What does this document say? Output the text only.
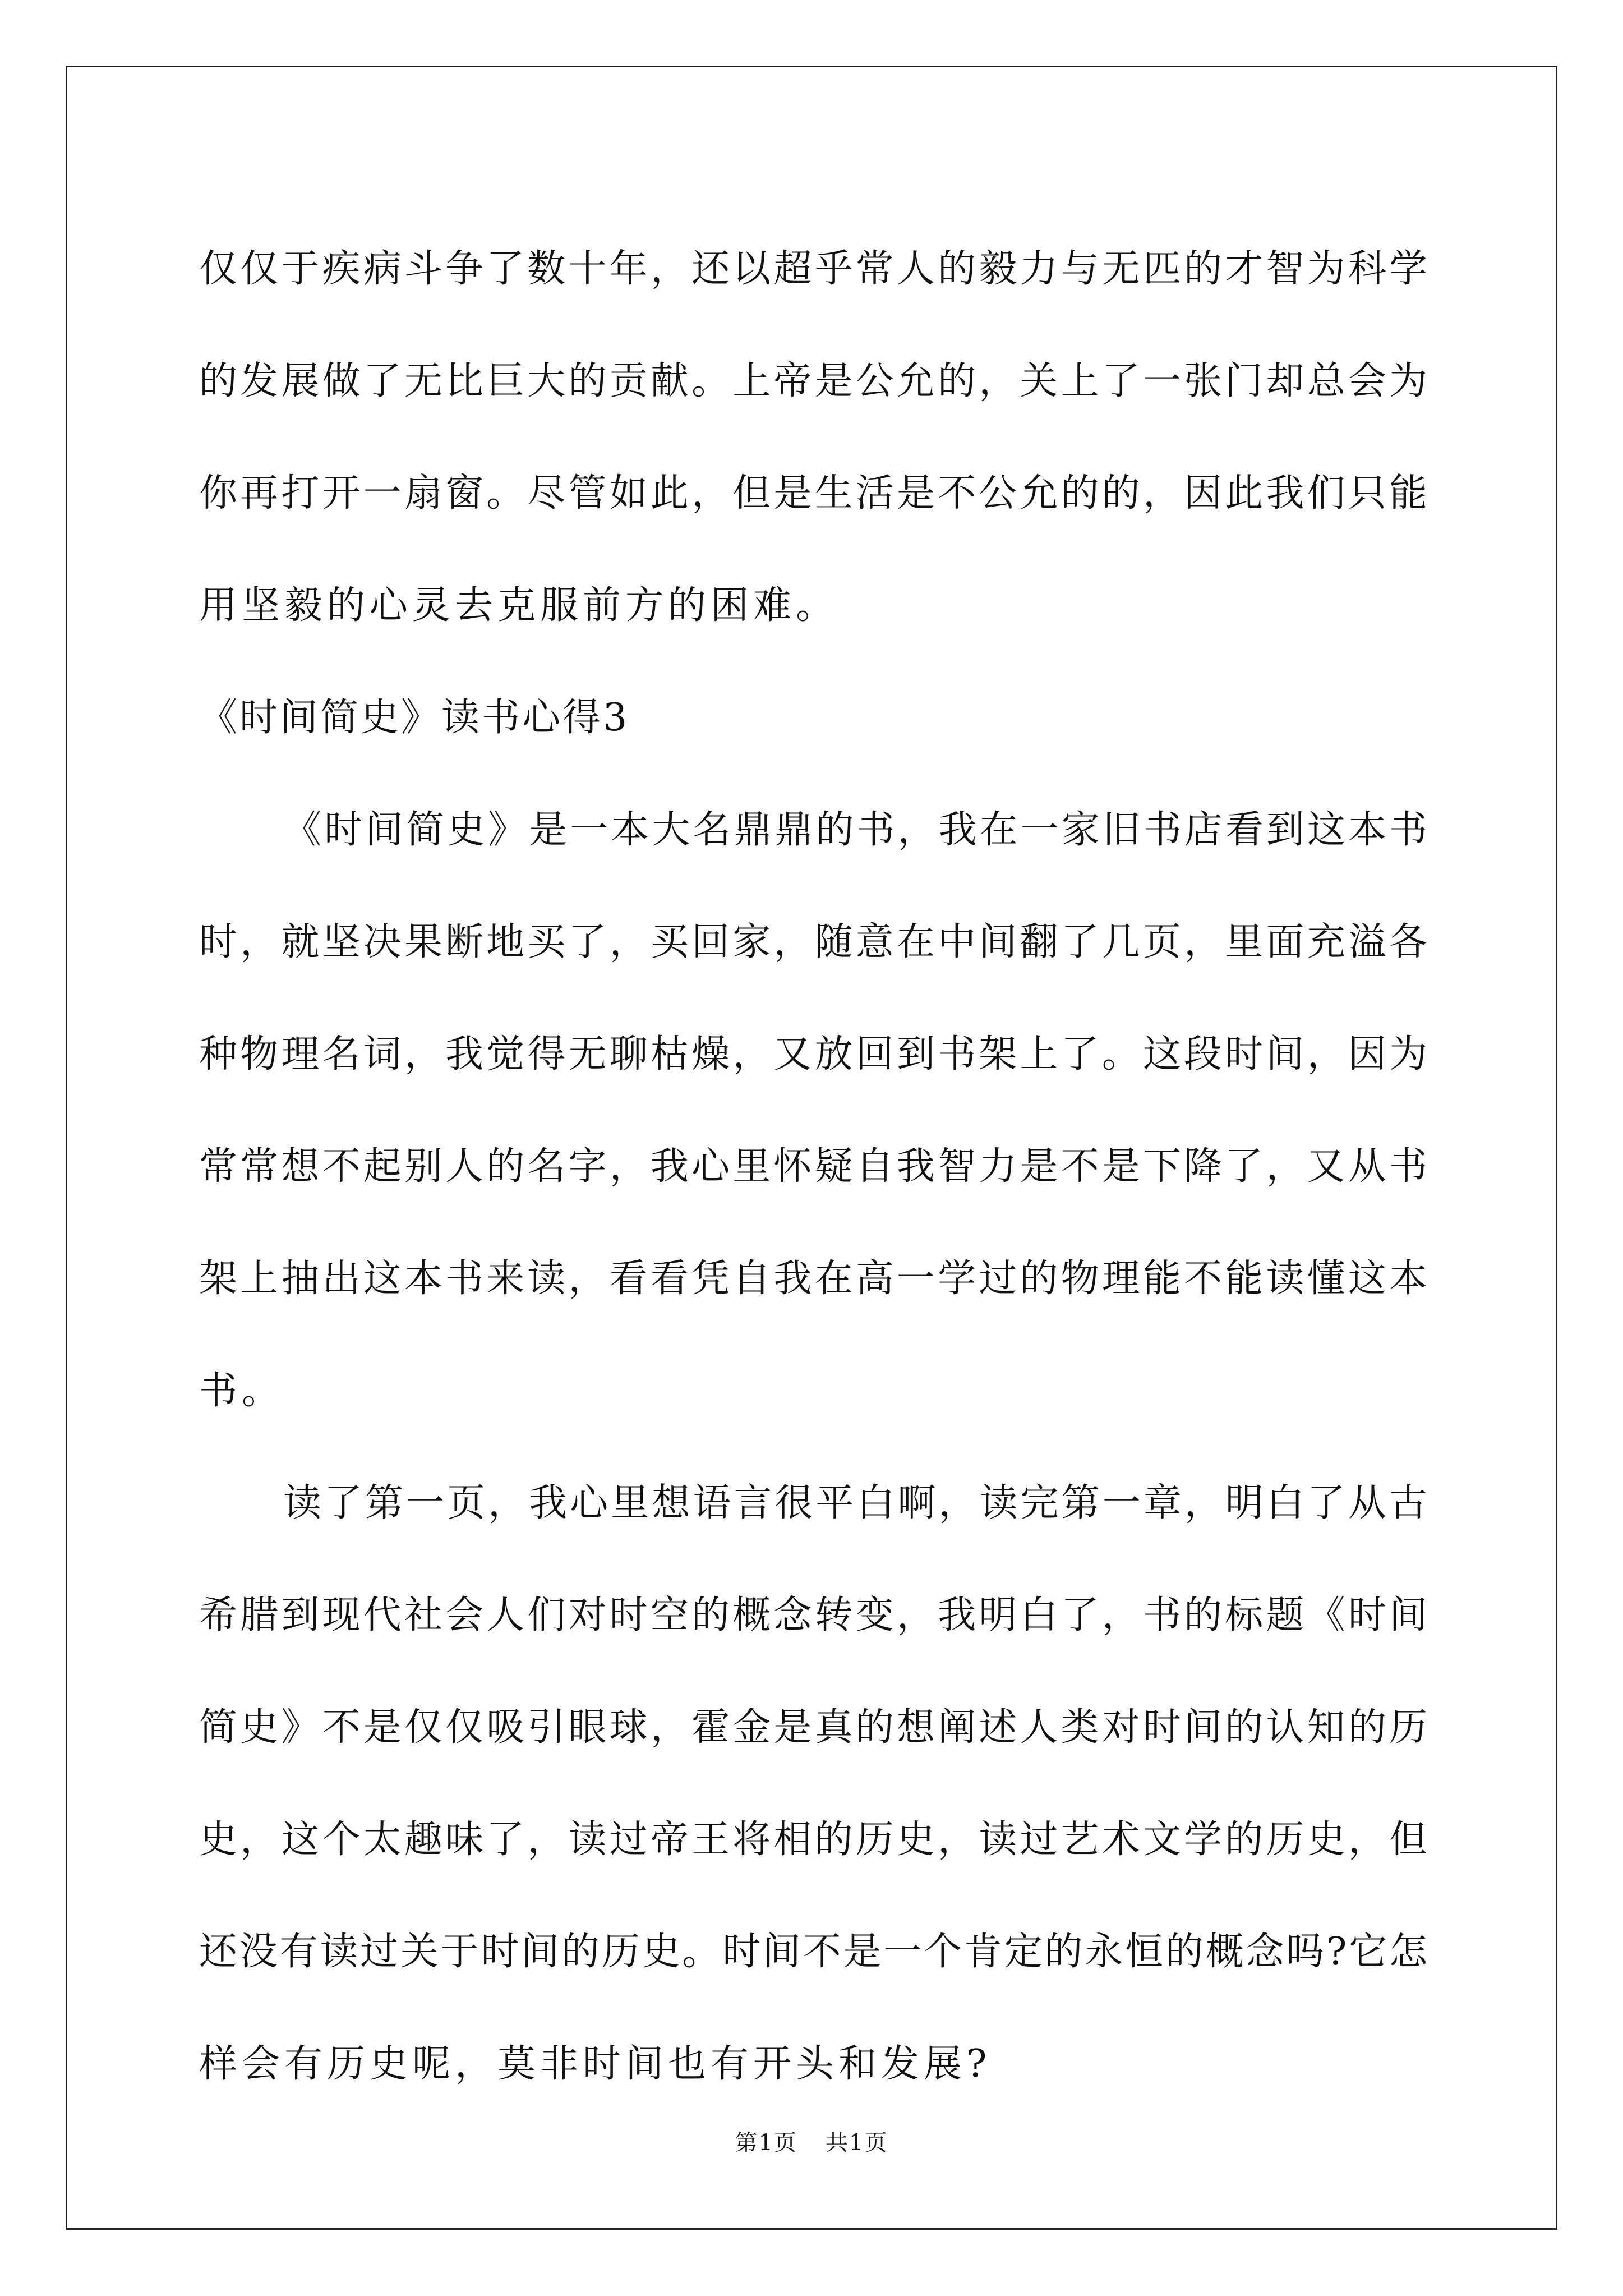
仅仅于疾病斗争了数十年，还以超乎常人的毅力与无匹的才智为科学
的发展做了无比巨大的贡献。上帝是公允的，关上了一张门却总会为
你再打开一扇窗。尽管如此，但是生活是不公允的的，因此我们只能
用坚毅的心灵去克服前方的困难。
《时间简史》读书心得3
《时间简史》是一本大名鼎鼎的书，我在一家旧书店看到这本书
时，就坚决果断地买了，买回家，随意在中间翻了几页，里面充溢各
种物理名词，我觉得无聊枯燥，又放回到书架上了。这段时间，因为
常常想不起别人的名字，我心里怀疑自我智力是不是下降了，又从书
架上抽出这本书来读，看看凭自我在高一学过的物理能不能读懂这本
书。
读了第一页，我心里想语言很平白啊，读完第一章，明白了从古
希腊到现代社会人们对时空的概念转变，我明白了，书的标题《时间
简史》不是仅仅吸引眼球，霍金是真的想阐述人类对时间的认知的历
史，这个太趣味了，读过帝王将相的历史，读过艺术文学的历史，但
还没有读过关于时间的历史。时间不是一个肯定的永恒的概念吗?它怎
样会有历史呢，莫非时间也有开头和发展?
第1页 共1页
